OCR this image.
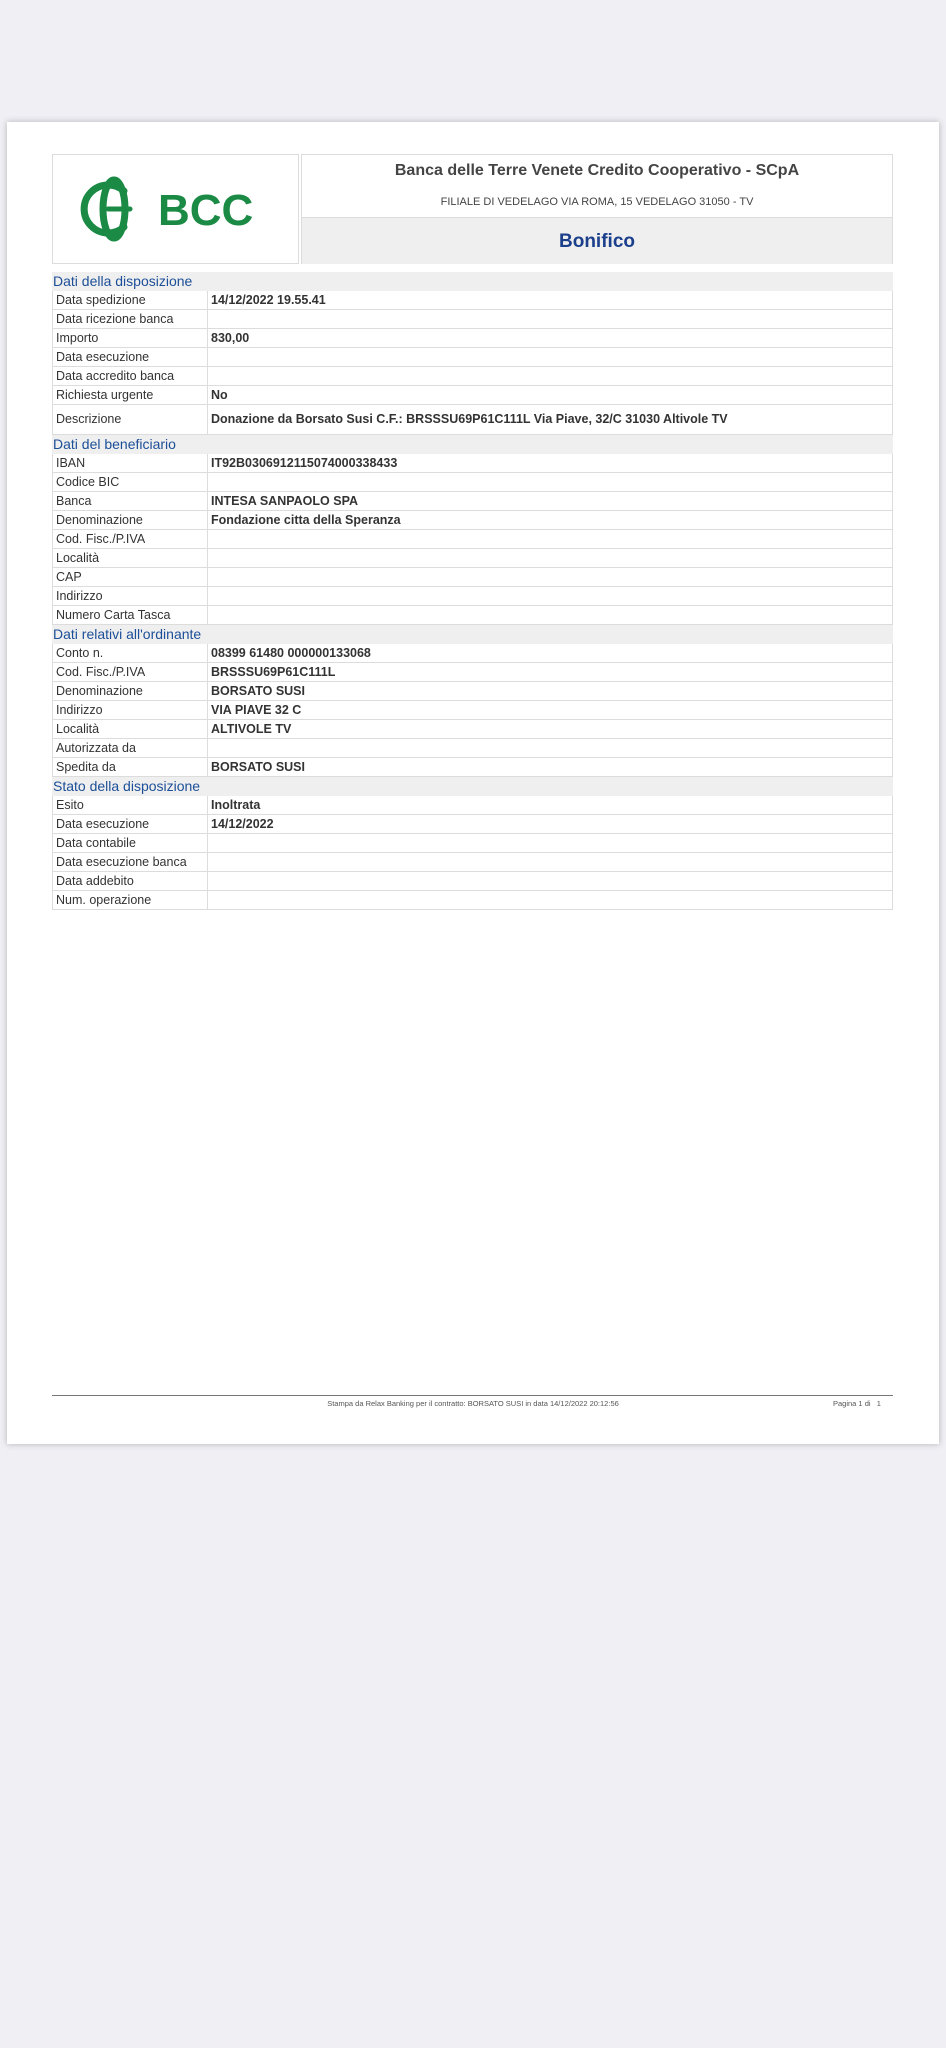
BCC
Banca delle Terre Venete Credito Cooperativo - SCpA
FILIALE DI VEDELAGO VIA ROMA, 15 VEDELAGO 31050 - TV
Bonifico
Dati della disposizione
Data spedizione	14/12/2022 19.55.41
Data ricezione banca
Importo	830,00
Data esecuzione
Data accredito banca
Richiesta urgente	No
Descrizione	Donazione da Borsato Susi C.F.: BRSSSU69P61C111L Via Piave, 32/C 31030 Altivole TV
Dati del beneficiario
IBAN	IT92B0306912115074000338433
Codice BIC
Banca	INTESA SANPAOLO SPA
Denominazione	Fondazione citta della Speranza
Cod. Fisc./P.IVA
Località
CAP
Indirizzo
Numero Carta Tasca
Dati relativi all'ordinante
Conto n.	08399 61480 000000133068
Cod. Fisc./P.IVA	BRSSSU69P61C111L
Denominazione	BORSATO SUSI
Indirizzo	VIA PIAVE 32 C
Località	ALTIVOLE TV
Autorizzata da
Spedita da	BORSATO SUSI
Stato della disposizione
Esito	Inoltrata
Data esecuzione	14/12/2022
Data contabile
Data esecuzione banca
Data addebito
Num. operazione
Stampa da Relax Banking per il contratto: BORSATO SUSI in data 14/12/2022 20:12:56	Pagina 1 di 1
